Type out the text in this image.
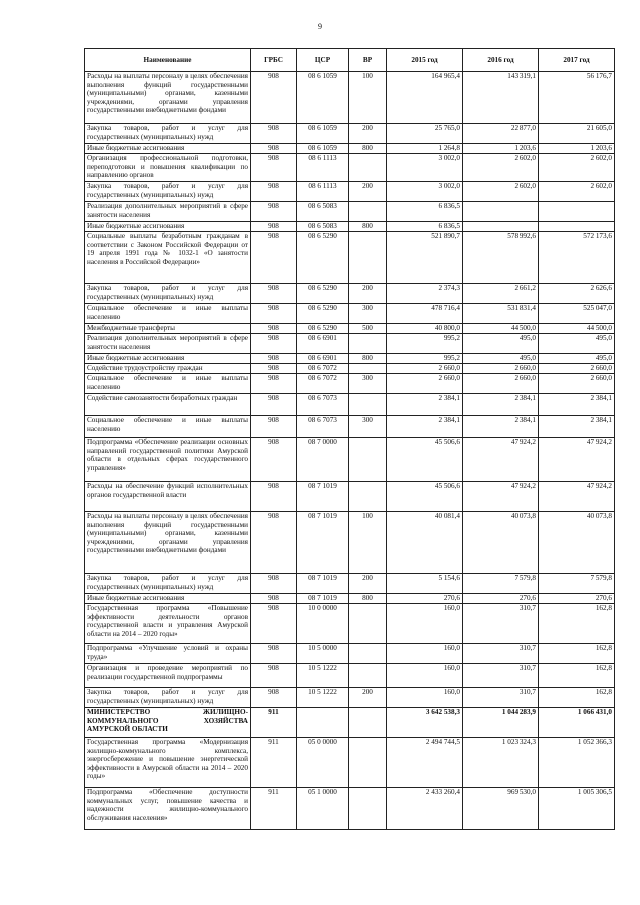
9
Наименование	ГРБС	ЦСР	ВР	2015 год	2016 год	2017 год
Расходы на выплаты персоналу в целях обеспечения выполнения функций государственными (муниципальными) органами, казенными учреждениями, органами управления государственными внебюджетными фондами	908	08 6 1059	100	164 965,4	143 319,1	56 176,7
Закупка товаров, работ и услуг для государственных (муниципальных) нужд	908	08 6 1059	200	25 765,0	22 877,0	21 605,0
Иные бюджетные ассигнования	908	08 6 1059	800	1 264,8	1 203,6	1 203,6
Организация профессиональной подготовки, переподготовки и повышения квалификации по направлению органов	908	08 6 1113		3 002,0	2 602,0	2 602,0
Закупка товаров, работ и услуг для государственных (муниципальных) нужд	908	08 6 1113	200	3 002,0	2 602,0	2 602,0
Реализация дополнительных мероприятий в сфере занятости населения	908	08 6 5083		6 836,5		
Иные бюджетные ассигнования	908	08 6 5083	800	6 836,5		
Социальные выплаты безработным гражданам в соответствии с Законом Российской Федерации от 19 апреля 1991 года № 1032-1 «О занятости населения в Российской Федерации»	908	08 6 5290		521 890,7	578 992,6	572 173,6
Закупка товаров, работ и услуг для государственных (муниципальных) нужд	908	08 6 5290	200	2 374,3	2 661,2	2 626,6
Социальное обеспечение и иные выплаты населению	908	08 6 5290	300	478 716,4	531 831,4	525 047,0
Межбюджетные трансферты	908	08 6 5290	500	40 800,0	44 500,0	44 500,0
Реализация дополнительных мероприятий в сфере занятости населения	908	08 6 6901		995,2	495,0	495,0
Иные бюджетные ассигнования	908	08 6 6901	800	995,2	495,0	495,0
Содействие трудоустройству граждан	908	08 6 7072		2 660,0	2 660,0	2 660,0
Социальное обеспечение и иные выплаты населению	908	08 6 7072	300	2 660,0	2 660,0	2 660,0
Содействие самозанятости безработных граждан	908	08 6 7073		2 384,1	2 384,1	2 384,1
Социальное обеспечение и иные выплаты населению	908	08 6 7073	300	2 384,1	2 384,1	2 384,1
Подпрограмма «Обеспечение реализации основных направлений государственной политики Амурской области в отдельных сферах государственного управления»	908	08 7 0000		45 506,6	47 924,2	47 924,2
Расходы на обеспечение функций исполнительных органов государственной власти	908	08 7 1019		45 506,6	47 924,2	47 924,2
Расходы на выплаты персоналу в целях обеспечения выполнения функций государственными (муниципальными) органами, казенными учреждениями, органами управления государственными внебюджетными фондами	908	08 7 1019	100	40 081,4	40 073,8	40 073,8
Закупка товаров, работ и услуг для государственных (муниципальных) нужд	908	08 7 1019	200	5 154,6	7 579,8	7 579,8
Иные бюджетные ассигнования	908	08 7 1019	800	270,6	270,6	270,6
Государственная программа «Повышение эффективности деятельности органов государственной власти и управления Амурской области на 2014 – 2020 годы»	908	10 0 0000		160,0	310,7	162,8
Подпрограмма «Улучшение условий и охраны труда»	908	10 5 0000		160,0	310,7	162,8
Организация и проведение мероприятий по реализации государственной подпрограммы	908	10 5 1222		160,0	310,7	162,8
Закупка товаров, работ и услуг для государственных (муниципальных) нужд	908	10 5 1222	200	160,0	310,7	162,8
МИНИСТЕРСТВО ЖИЛИЩНО-КОММУНАЛЬНОГО ХОЗЯЙСТВА АМУРСКОЙ ОБЛАСТИ	911			3 642 538,3	1 044 283,9	1 066 431,0
Государственная программа «Модернизация жилищно-коммунального комплекса, энергосбережение и повышение энергетической эффективности в Амурской области на 2014 – 2020 годы»	911	05 0 0000		2 494 744,5	1 023 324,3	1 052 366,3
Подпрограмма «Обеспечение доступности коммунальных услуг, повышение качества и надежности жилищно-коммунального обслуживания населения»	911	05 1 0000		2 433 260,4	969 530,0	1 005 306,5
